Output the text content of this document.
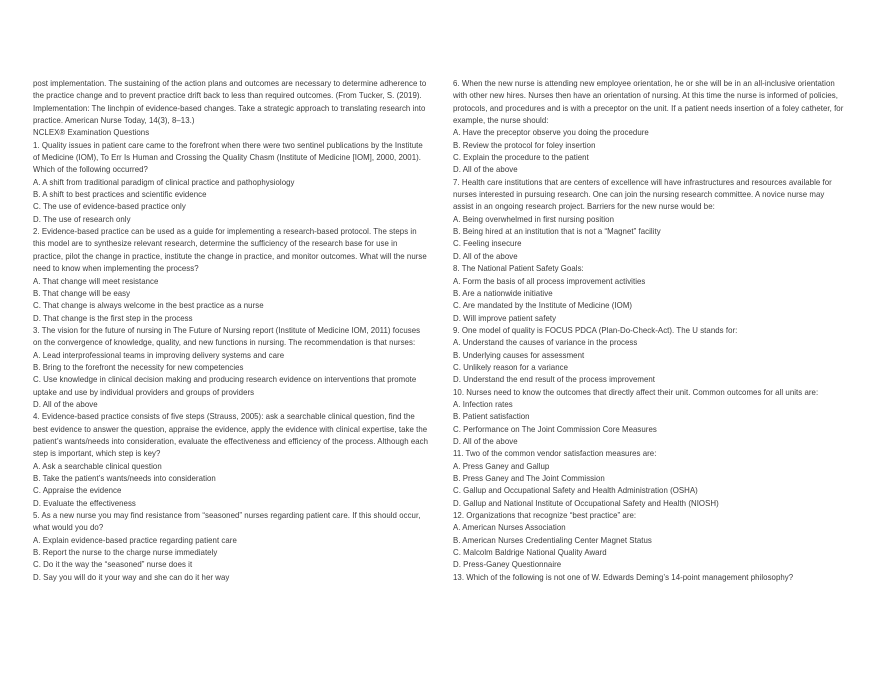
post implementation. The sustaining of the action plans and outcomes are necessary to determine adherence to the practice change and to prevent practice drift back to less than required outcomes. (From Tucker, S. (2019). Implementation: The linchpin of evidence-based changes. Take a strategic approach to translating research into practice. American Nurse Today, 14(3), 8–13.)

NCLEX® Examination Questions

1. Quality issues in patient care came to the forefront when there were two sentinel publications by the Institute of Medicine (IOM), To Err Is Human and Crossing the Quality Chasm (Institute of Medicine [IOM], 2000, 2001). Which of the following occurred?

A. A shift from traditional paradigm of clinical practice and pathophysiology

B. A shift to best practices and scientific evidence

C. The use of evidence-based practice only

D. The use of research only

2. Evidence-based practice can be used as a guide for implementing a research-based protocol. The steps in this model are to synthesize relevant research, determine the sufficiency of the research base for use in practice, pilot the change in practice, institute the change in practice, and monitor outcomes. What will the nurse need to know when implementing the process?

A. That change will meet resistance

B. That change will be easy

C. That change is always welcome in the best practice as a nurse

D. That change is the first step in the process

3. The vision for the future of nursing in The Future of Nursing report (Institute of Medicine IOM, 2011) focuses on the convergence of knowledge, quality, and new functions in nursing. The recommendation is that nurses:

A. Lead interprofessional teams in improving delivery systems and care

B. Bring to the forefront the necessity for new competencies

C. Use knowledge in clinical decision making and producing research evidence on interventions that promote uptake and use by individual providers and groups of providers

D. All of the above

4. Evidence-based practice consists of five steps (Strauss, 2005): ask a searchable clinical question, find the best evidence to answer the question, appraise the evidence, apply the evidence with clinical expertise, take the patient’s wants/needs into consideration, evaluate the effectiveness and efficiency of the process. Although each step is important, which step is key?

A. Ask a searchable clinical question

B. Take the patient’s wants/needs into consideration

C. Appraise the evidence

D. Evaluate the effectiveness

5. As a new nurse you may find resistance from “seasoned” nurses regarding patient care. If this should occur, what would you do?

A. Explain evidence-based practice regarding patient care

B. Report the nurse to the charge nurse immediately

C. Do it the way the “seasoned” nurse does it

D. Say you will do it your way and she can do it her way

6. When the new nurse is attending new employee orientation, he or she will be in an all-inclusive orientation with other new hires. Nurses then have an orientation of nursing. At this time the nurse is informed of policies, protocols, and procedures and is with a preceptor on the unit. If a patient needs insertion of a foley catheter, for example, the nurse should:

A. Have the preceptor observe you doing the procedure

B. Review the protocol for foley insertion

C. Explain the procedure to the patient

D. All of the above

7. Health care institutions that are centers of excellence will have infrastructures and resources available for nurses interested in pursuing research. One can join the nursing research committee. A novice nurse may assist in an ongoing research project. Barriers for the new nurse would be:

A. Being overwhelmed in first nursing position

B. Being hired at an institution that is not a “Magnet” facility

C. Feeling insecure

D. All of the above

8. The National Patient Safety Goals:

A. Form the basis of all process improvement activities

B. Are a nationwide initiative

C. Are mandated by the Institute of Medicine (IOM)

D. Will improve patient safety

9. One model of quality is FOCUS PDCA (Plan-Do-Check-Act). The U stands for:

A. Understand the causes of variance in the process

B. Underlying causes for assessment

C. Unlikely reason for a variance

D. Understand the end result of the process improvement

10. Nurses need to know the outcomes that directly affect their unit. Common outcomes for all units are:

A. Infection rates

B. Patient satisfaction

C. Performance on The Joint Commission Core Measures

D. All of the above

11. Two of the common vendor satisfaction measures are:

A. Press Ganey and Gallup

B. Press Ganey and The Joint Commission

C. Gallup and Occupational Safety and Health Administration (OSHA)

D. Gallup and National Institute of Occupational Safety and Health (NIOSH)

12. Organizations that recognize “best practice” are:

A. American Nurses Association

B. American Nurses Credentialing Center Magnet Status

C. Malcolm Baldrige National Quality Award

D. Press-Ganey Questionnaire

13. Which of the following is not one of W. Edwards Deming’s 14-point management philosophy?
